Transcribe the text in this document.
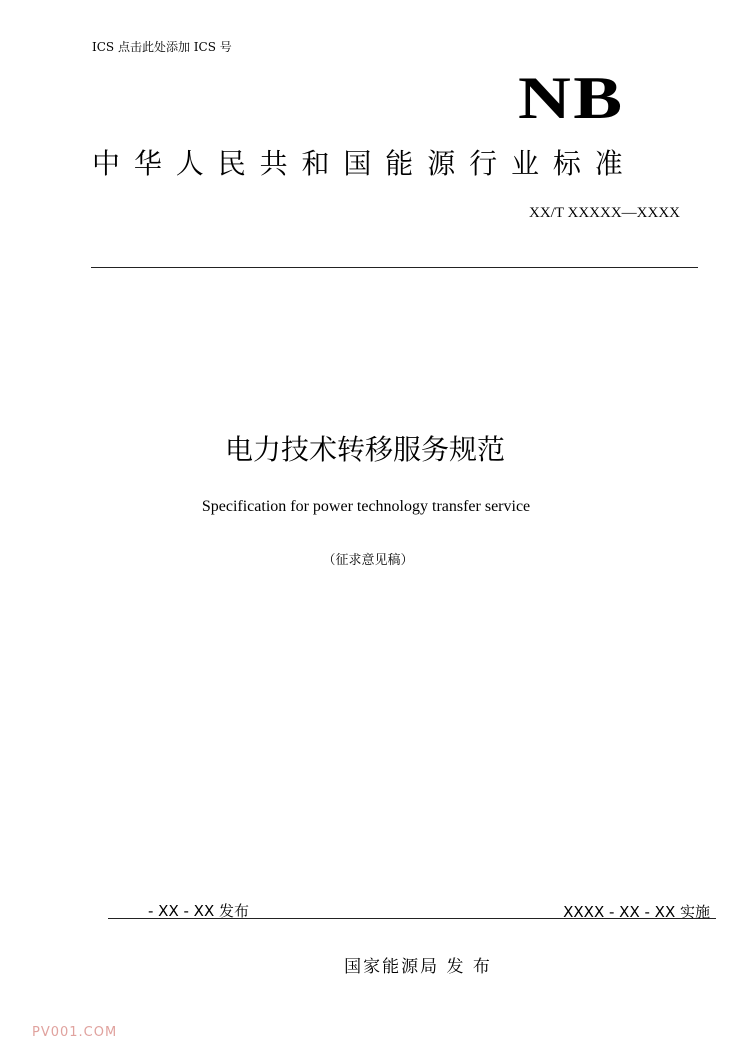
ICS 点击此处添加 ICS 号
NB
中华人民共和国能源行业标准
XX/T XXXXX—XXXX
电力技术转移服务规范
Specification for power technology transfer service
（征求意见稿）
- XX - XX 发布	XXXX - XX - XX 实施
国家能源局 发 布
PV001.COM
